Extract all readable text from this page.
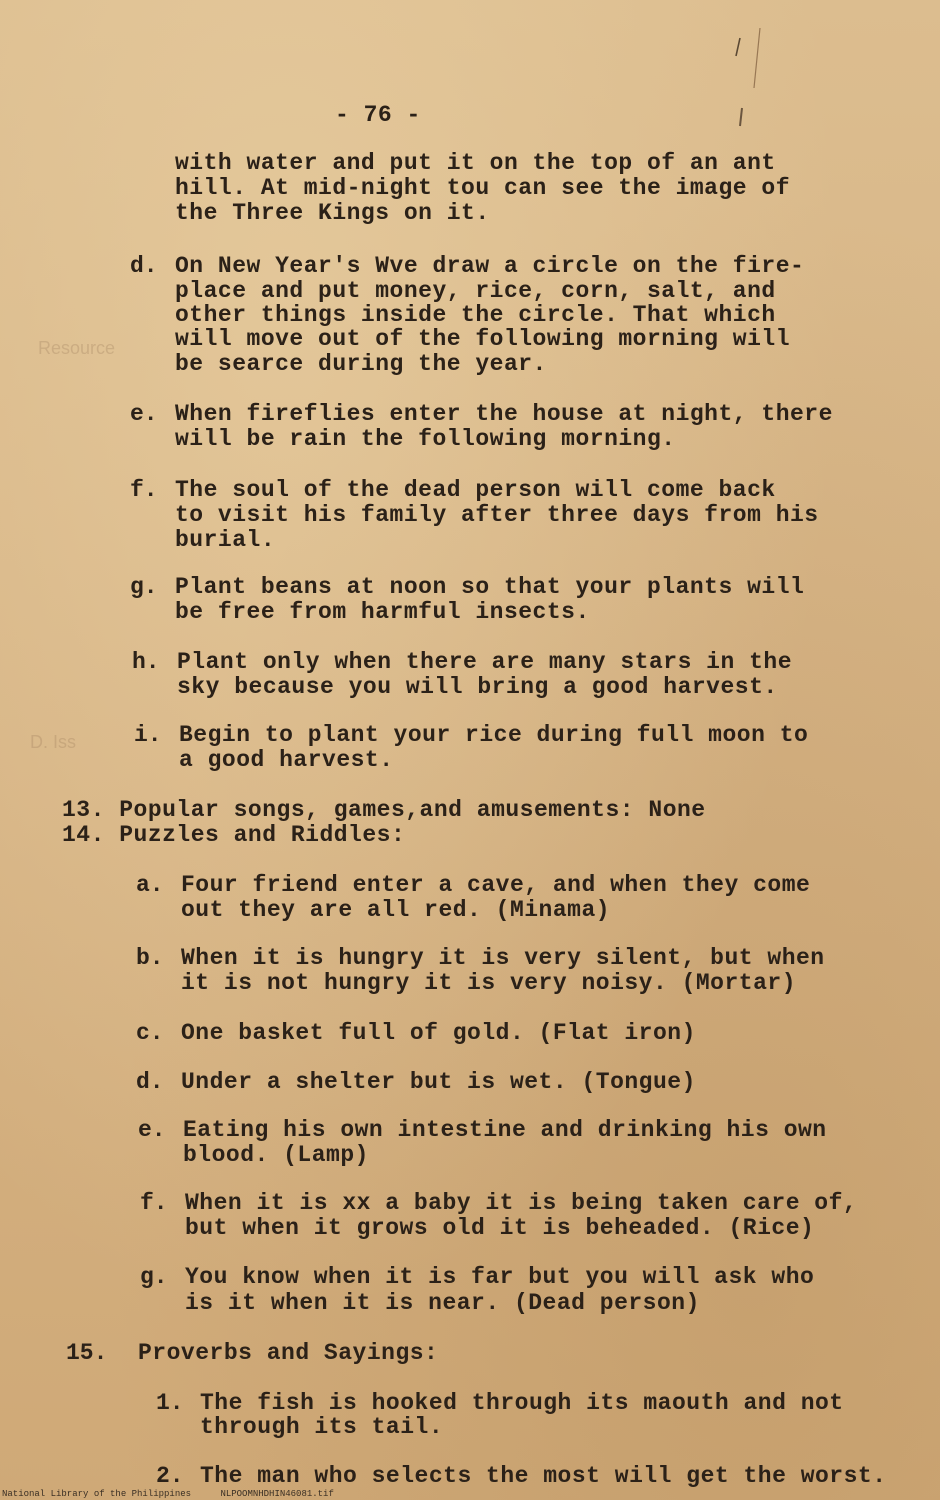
Resource
D. Iss
- 76 -
with water and put it on the top of an ant
hill. At mid-night tou can see the image of
the Three Kings on it.
d. On New Year's Wve draw a circle on the fire-
place and put money, rice, corn, salt, and
other things inside the circle. That which
will move out of the following morning will
be searce during the year.
e. When fireflies enter the house at night, there
will be rain the following morning.
f. The soul of the dead person will come back
to visit his family after three days from his
burial.
g. Plant beans at noon so that your plants will
be free from harmful insects.
h. Plant only when there are many stars in the
sky because you will bring a good harvest.
i. Begin to plant your rice during full moon to
a good harvest.
13. Popular songs, games,and amusements: None
14. Puzzles and Riddles:
a. Four friend enter a cave, and when they come
out they are all red. (Minama)
b. When it is hungry it is very silent, but when
it is not hungry it is very noisy. (Mortar)
c. One basket full of gold. (Flat iron)
d. Under a shelter but is wet. (Tongue)
e. Eating his own intestine and drinking his own
blood. (Lamp)
f. When it is xx a baby it is being taken care of,
but when it grows old it is beheaded. (Rice)
g. You know when it is far but you will ask who
is it when it is near. (Dead person)
15. Proverbs and Sayings:
1. The fish is hooked through its maouth and not
through its tail.
2. The man who selects the most will get the worst.
National Library of the Philippines	NLPOOMNHDHIN46081.tif
